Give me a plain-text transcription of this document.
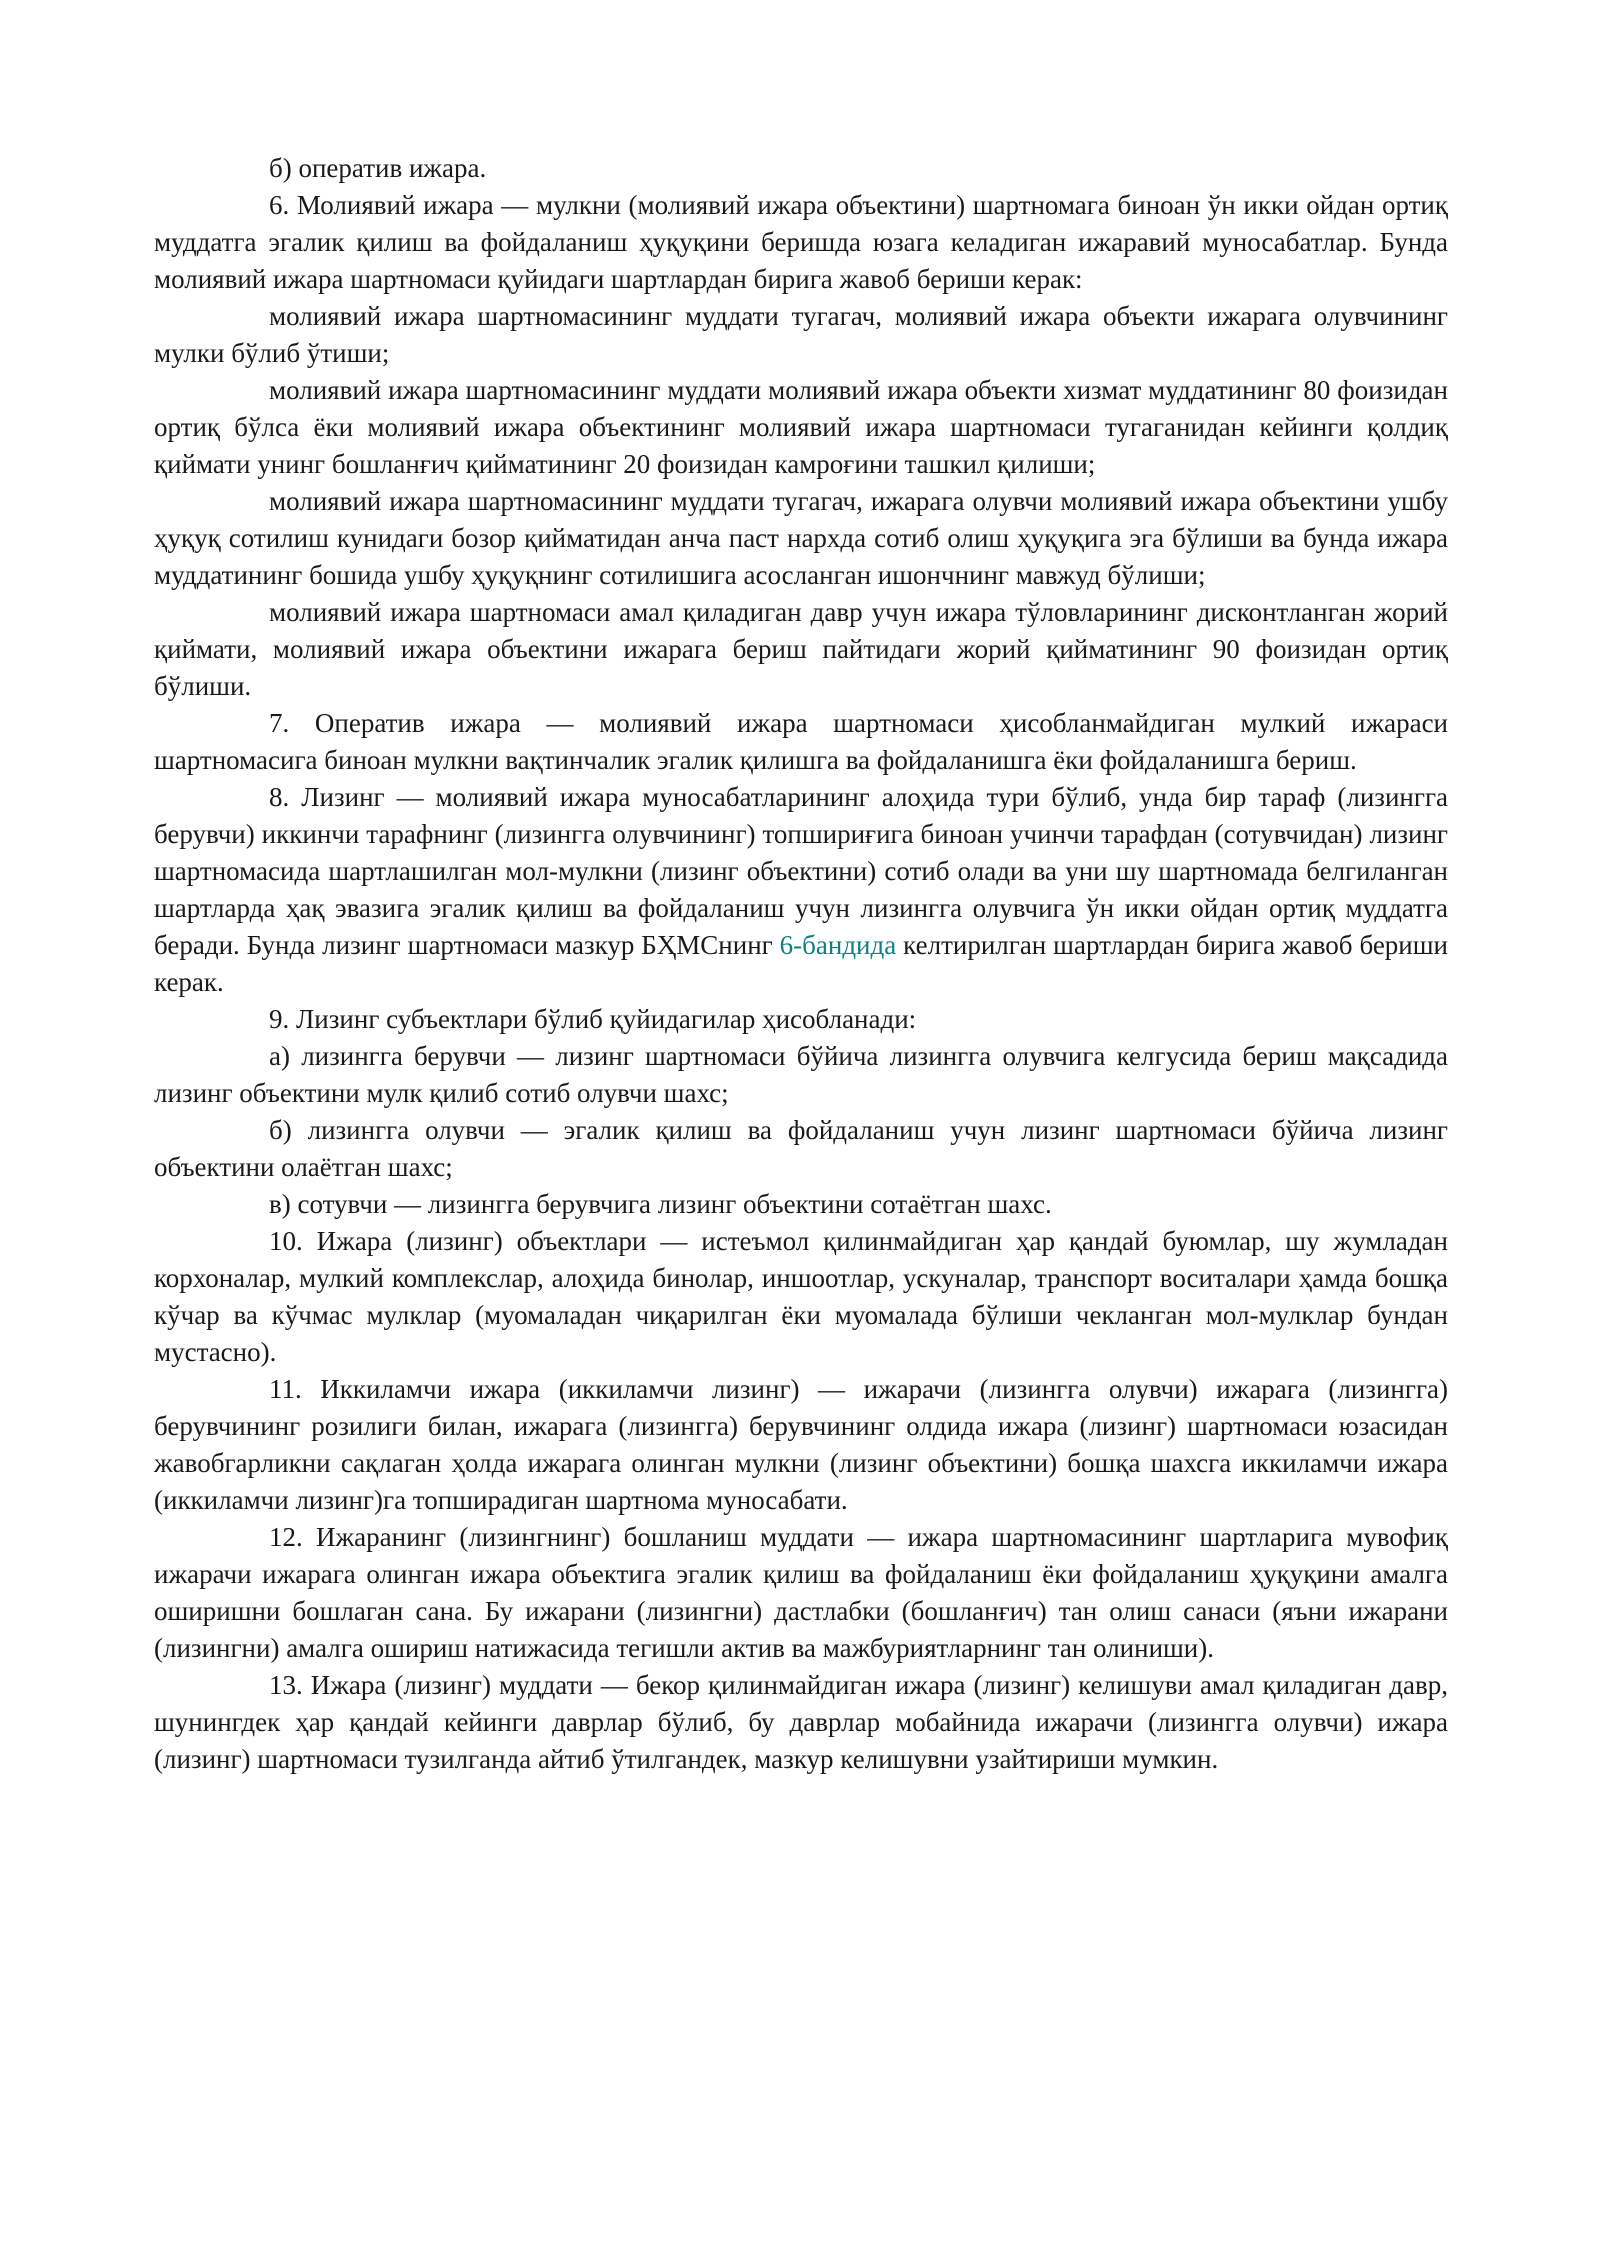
б) оператив ижара.

6. Молиявий ижара — мулкни (молиявий ижара объектини) шартномага биноан ўн икки ойдан ортиқ муддатга эгалик қилиш ва фойдаланиш ҳуқуқини беришда юзага келадиган ижаравий муносабатлар. Бунда молиявий ижара шартномаси қуйидаги шартлардан бирига жавоб бериши керак:

молиявий ижара шартномасининг муддати тугагач, молиявий ижара объекти ижарага олувчининг мулки бўлиб ўтиши;

молиявий ижара шартномасининг муддати молиявий ижара объекти хизмат муддатининг 80 фоизидан ортиқ бўлса ёки молиявий ижара объектининг молиявий ижара шартномаси тугаганидан кейинги қолдиқ қиймати унинг бошланғич қийматининг 20 фоизидан камроғини ташкил қилиши;

молиявий ижара шартномасининг муддати тугагач, ижарага олувчи молиявий ижара объектини ушбу ҳуқуқ сотилиш кунидаги бозор қийматидан анча паст нархда сотиб олиш ҳуқуқига эга бўлиши ва бунда ижара муддатининг бошида ушбу ҳуқуқнинг сотилишига асосланган ишончнинг мавжуд бўлиши;

молиявий ижара шартномаси амал қиладиган давр учун ижара тўловларининг дисконтланган жорий қиймати, молиявий ижара объектини ижарага бериш пайтидаги жорий қийматининг 90 фоизидан ортиқ бўлиши.

7. Оператив ижара — молиявий ижара шартномаси ҳисобланмайдиган мулкий ижараси шартномасига биноан мулкни вақтинчалик эгалик қилишга ва фойдаланишга ёки фойдаланишга бериш.

8. Лизинг — молиявий ижара муносабатларининг алоҳида тури бўлиб, унда бир тараф (лизингга берувчи) иккинчи тарафнинг (лизингга олувчининг) топшириғига биноан учинчи тарафдан (сотувчидан) лизинг шартномасида шартлашилган мол-мулкни (лизинг объектини) сотиб олади ва уни шу шартномада белгиланган шартларда ҳақ эвазига эгалик қилиш ва фойдаланиш учун лизингга олувчига ўн икки ойдан ортиқ муддатга беради. Бунда лизинг шартномаси мазкур БҲМСнинг 6-бандида келтирилган шартлардан бирига жавоб бериши керак.

9. Лизинг субъектлари бўлиб қуйидагилар ҳисобланади:

а) лизингга берувчи — лизинг шартномаси бўйича лизингга олувчига келгусида бериш мақсадида лизинг объектини мулк қилиб сотиб олувчи шахс;

б) лизингга олувчи — эгалик қилиш ва фойдаланиш учун лизинг шартномаси бўйича лизинг объектини олаётган шахс;

в) сотувчи — лизингга берувчига лизинг объектини сотаётган шахс.

10. Ижара (лизинг) объектлари — истеъмол қилинмайдиган ҳар қандай буюмлар, шу жумладан корхоналар, мулкий комплекслар, алоҳида бинолар, иншоотлар, ускуналар, транспорт воситалари ҳамда бошқа кўчар ва кўчмас мулклар (муомаладан чиқарилган ёки муомалада бўлиши чекланган мол-мулклар бундан мустасно).

11. Иккиламчи ижара (иккиламчи лизинг) — ижарачи (лизингга олувчи) ижарага (лизингга) берувчининг розилиги билан, ижарага (лизингга) берувчининг олдида ижара (лизинг) шартномаси юзасидан жавобгарликни сақлаган ҳолда ижарага олинган мулкни (лизинг объектини) бошқа шахсга иккиламчи ижара (иккиламчи лизинг)га топширадиган шартнома муносабати.

12. Ижаранинг (лизингнинг) бошланиш муддати — ижара шартномасининг шартларига мувофиқ ижарачи ижарага олинган ижара объектига эгалик қилиш ва фойдаланиш ёки фойдаланиш ҳуқуқини амалга оширишни бошлаган сана. Бу ижарани (лизингни) дастлабки (бошланғич) тан олиш санаси (яъни ижарани (лизингни) амалга ошириш натижасида тегишли актив ва мажбуриятларнинг тан олиниши).

13. Ижара (лизинг) муддати — бекор қилинмайдиган ижара (лизинг) келишуви амал қиладиган давр, шунингдек ҳар қандай кейинги даврлар бўлиб, бу даврлар мобайнида ижарачи (лизингга олувчи) ижара (лизинг) шартномаси тузилганда айтиб ўтилгандек, мазкур келишувни узайтириши мумкин.
